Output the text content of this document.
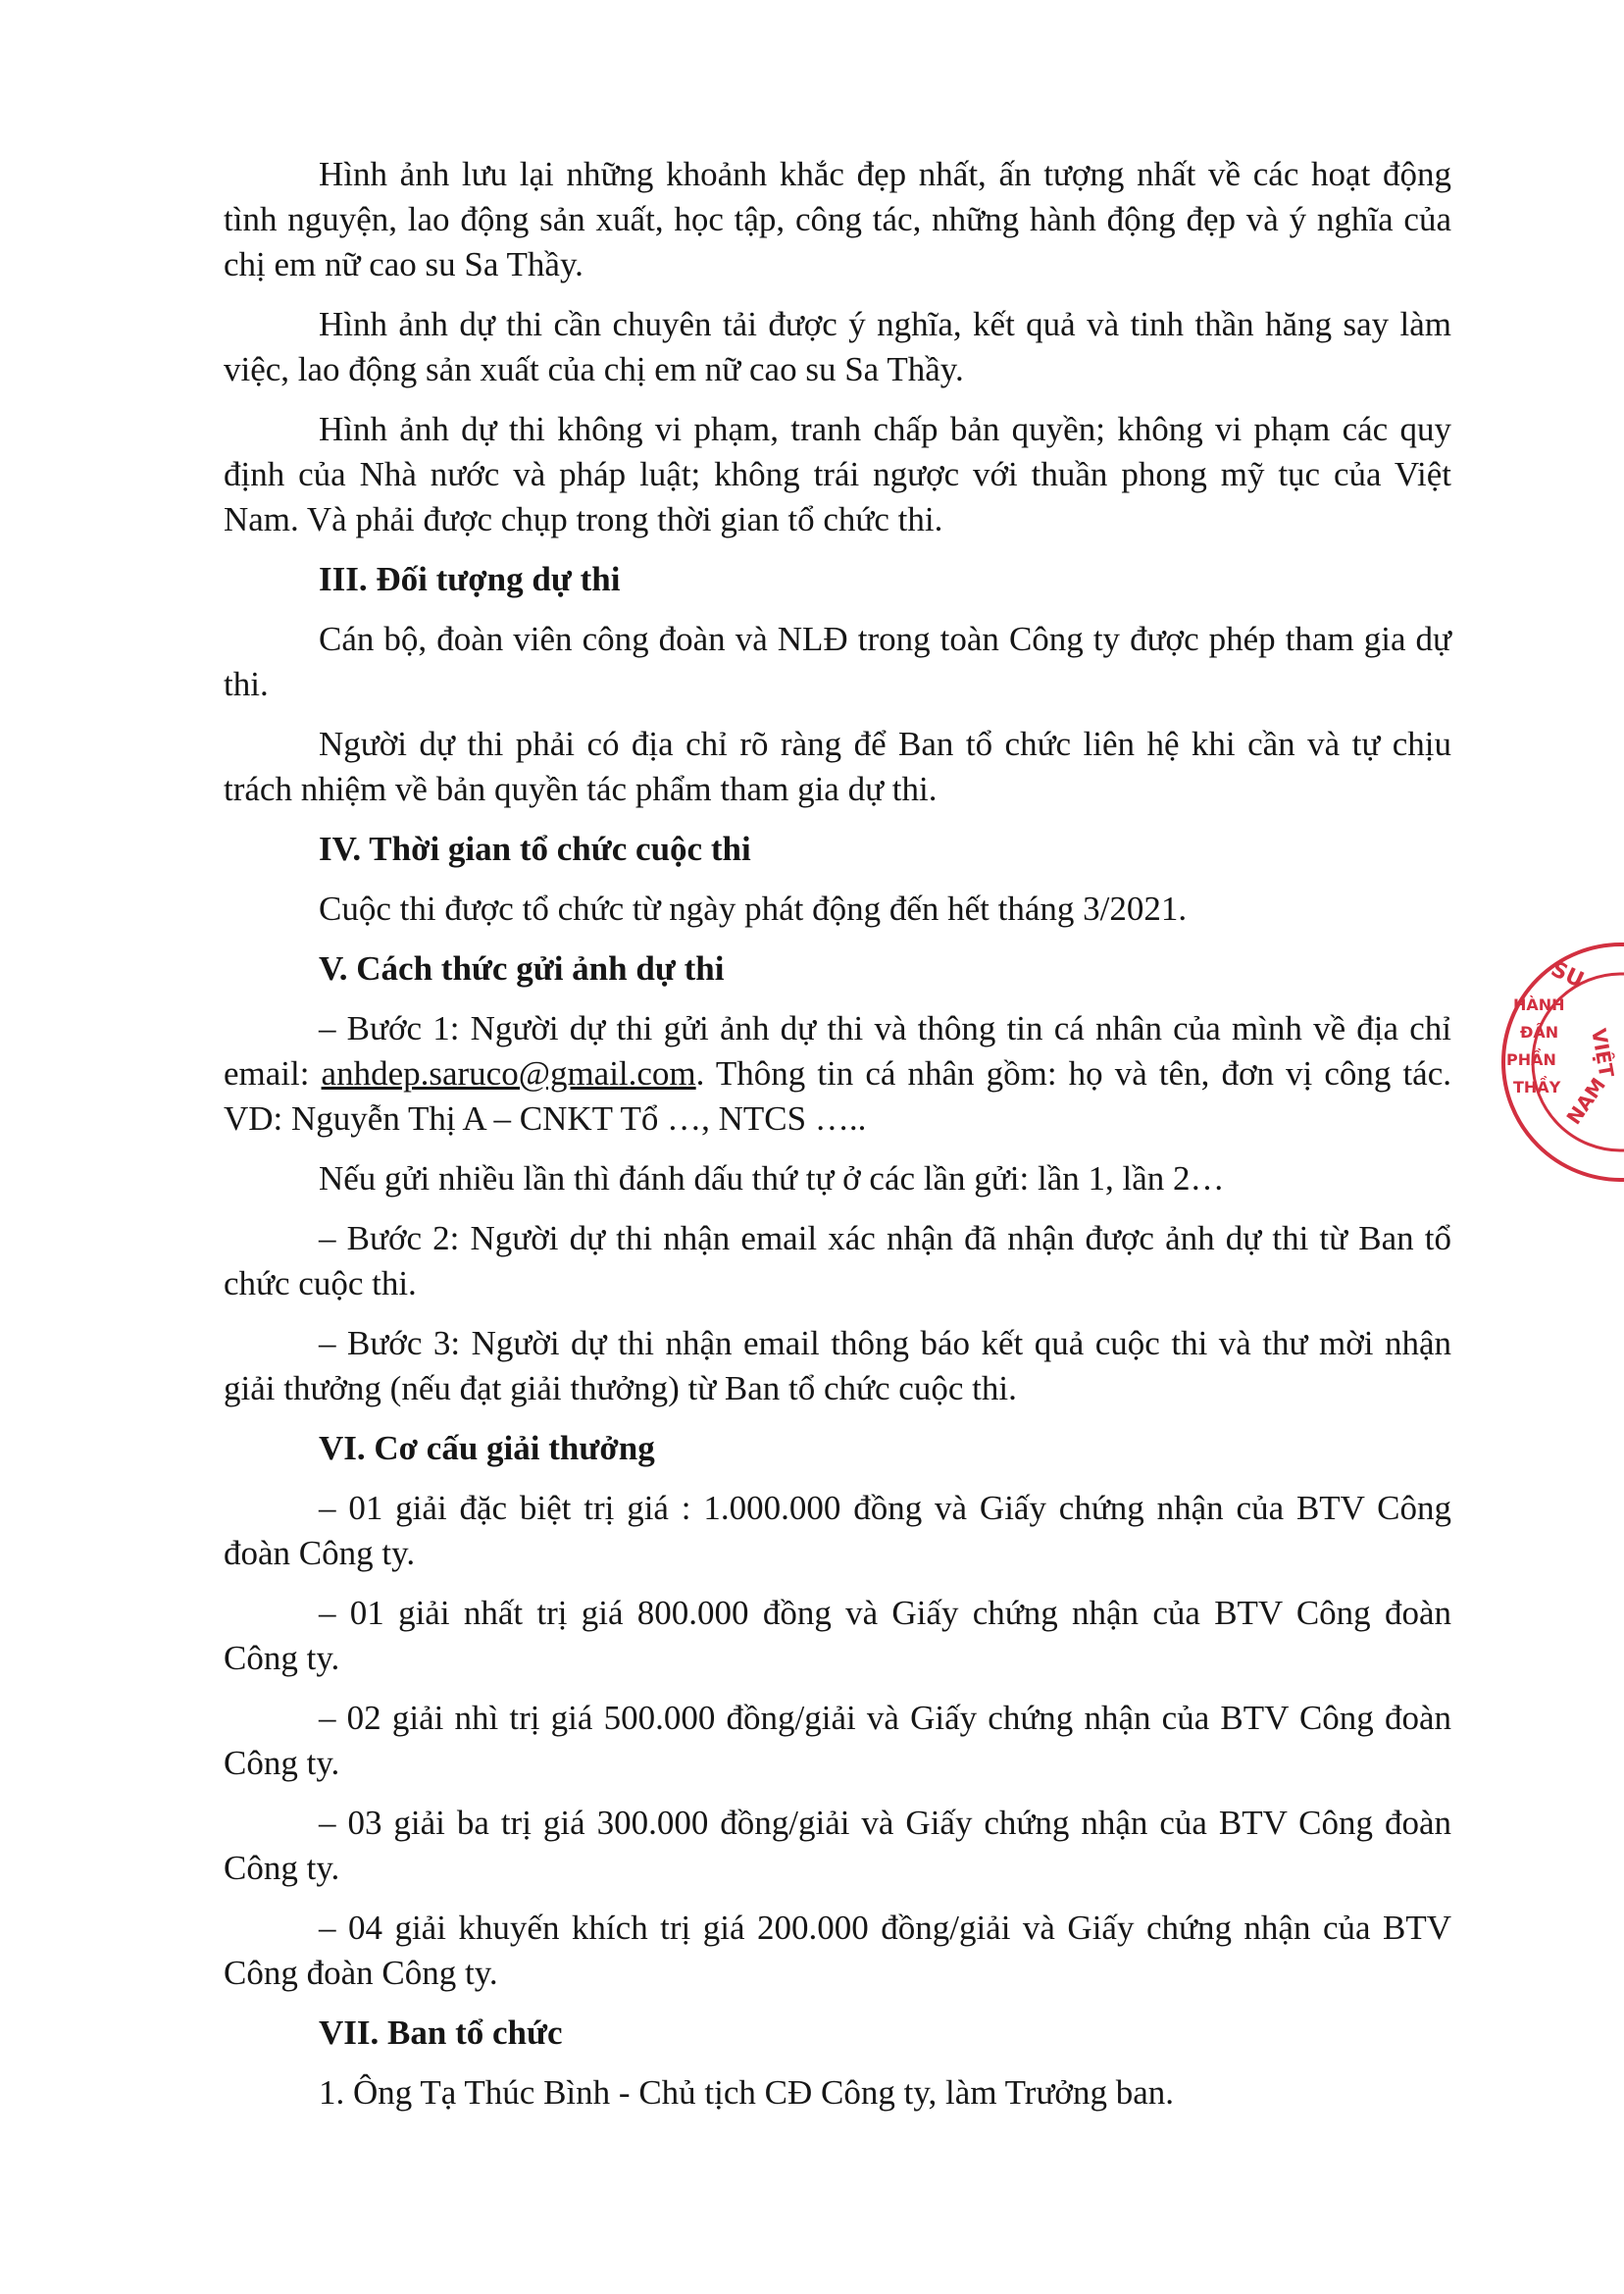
Hình ảnh lưu lại những khoảnh khắc đẹp nhất, ấn tượng nhất về các hoạt động tình nguyện, lao động sản xuất, học tập, công tác, những hành động đẹp và ý nghĩa của chị em nữ cao su Sa Thầy.

Hình ảnh dự thi cần chuyên tải được ý nghĩa, kết quả và tinh thần hăng say làm việc, lao động sản xuất của chị em nữ cao su Sa Thầy.

Hình ảnh dự thi không vi phạm, tranh chấp bản quyền; không vi phạm các quy định của Nhà nước và pháp luật; không trái ngược với thuần phong mỹ tục của Việt Nam. Và phải được chụp trong thời gian tổ chức thi.

III. Đối tượng dự thi

Cán bộ, đoàn viên công đoàn và NLĐ trong toàn Công ty được phép tham gia dự thi.

Người dự thi phải có địa chỉ rõ ràng để Ban tổ chức liên hệ khi cần và tự chịu trách nhiệm về bản quyền tác phẩm tham gia dự thi.

IV. Thời gian tổ chức cuộc thi

Cuộc thi được tổ chức từ ngày phát động đến hết tháng 3/2021.

V. Cách thức gửi ảnh dự thi

– Bước 1: Người dự thi gửi ảnh dự thi và thông tin cá nhân của mình về địa chỉ email: anhdep.saruco@gmail.com. Thông tin cá nhân gồm: họ và tên, đơn vị công tác. VD: Nguyễn Thị A – CNKT Tổ …, NTCS …..

Nếu gửi nhiều lần thì đánh dấu thứ tự ở các lần gửi: lần 1, lần 2…

– Bước 2: Người dự thi nhận email xác nhận đã nhận được ảnh dự thi từ Ban tổ chức cuộc thi.

– Bước 3: Người dự thi nhận email thông báo kết quả cuộc thi và thư mời nhận giải thưởng (nếu đạt giải thưởng) từ Ban tổ chức cuộc thi.

VI. Cơ cấu giải thưởng

– 01 giải đặc biệt trị giá : 1.000.000 đồng và Giấy chứng nhận của BTV Công đoàn Công ty.

– 01 giải nhất trị giá 800.000 đồng và Giấy chứng nhận của BTV Công đoàn Công ty.

– 02 giải nhì trị giá 500.000 đồng/giải và Giấy chứng nhận của BTV Công đoàn Công ty.

– 03 giải ba trị giá 300.000 đồng/giải và Giấy chứng nhận của BTV Công đoàn Công ty.

– 04 giải khuyến khích trị giá 200.000 đồng/giải và Giấy chứng nhận của BTV Công đoàn Công ty.

VII. Ban tổ chức

1. Ông Tạ Thúc Bình - Chủ tịch CĐ Công ty, làm Trưởng ban.

SU
HÀNH
ĐÂN
PHẦN
THẦY
VIỆT
NAM
